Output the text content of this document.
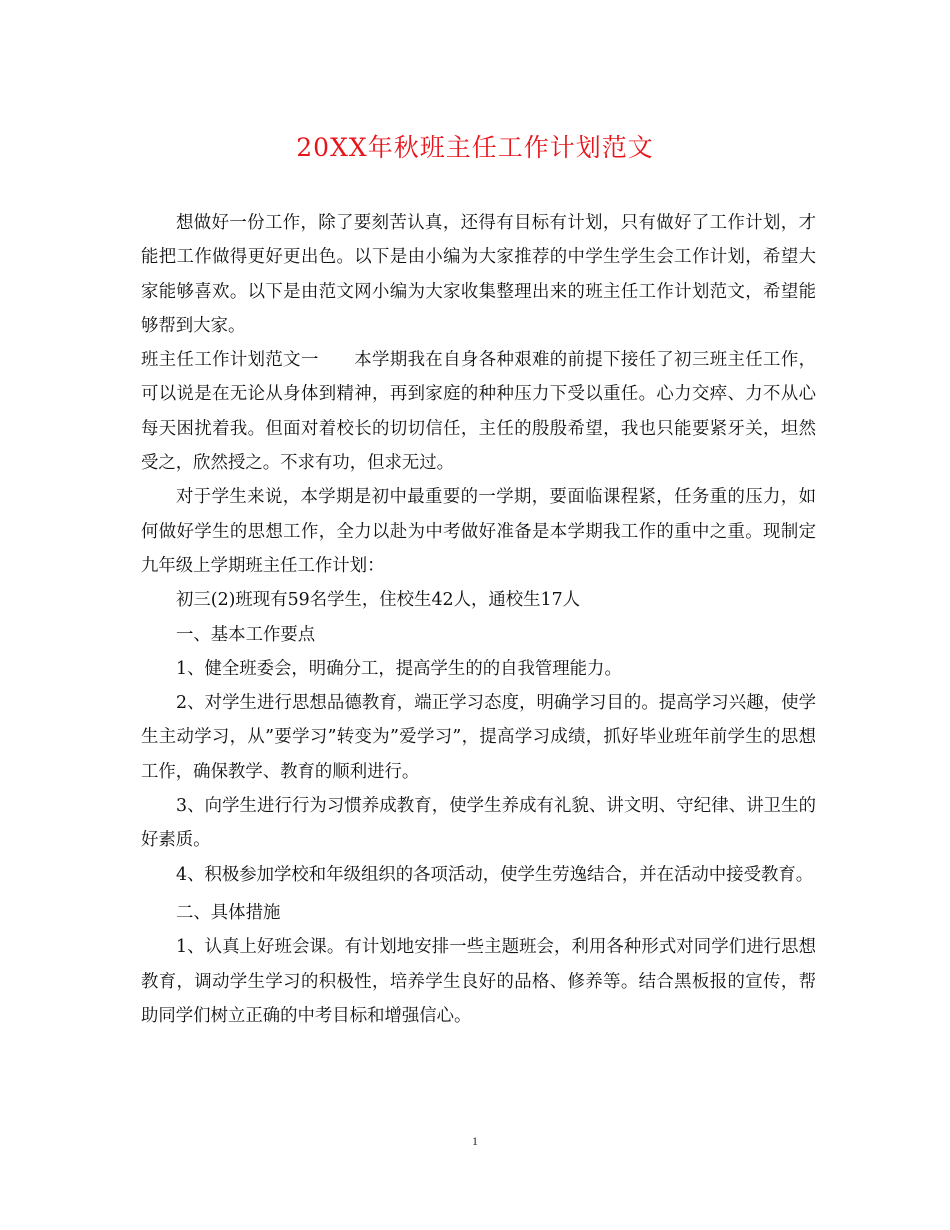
20XX年秋班主任工作计划范文

想做好一份工作，除了要刻苦认真，还得有目标有计划，只有做好了工作计划，才能把工作做得更好更出色。以下是由小编为大家推荐的中学生学生会工作计划，希望大家能够喜欢。以下是由范文网小编为大家收集整理出来的班主任工作计划范文，希望能够帮到大家。

班主任工作计划范文一　　本学期我在自身各种艰难的前提下接任了初三班主任工作，可以说是在无论从身体到精神，再到家庭的种种压力下受以重任。心力交瘁、力不从心每天困扰着我。但面对着校长的切切信任，主任的殷殷希望，我也只能要紧牙关，坦然受之，欣然授之。不求有功，但求无过。

对于学生来说，本学期是初中最重要的一学期，要面临课程紧，任务重的压力，如何做好学生的思想工作，全力以赴为中考做好准备是本学期我工作的重中之重。现制定九年级上学期班主任工作计划：

初三(2)班现有59名学生，住校生42人，通校生17人

一、基本工作要点

1、健全班委会，明确分工，提高学生的的自我管理能力。

2、对学生进行思想品德教育，端正学习态度，明确学习目的。提高学习兴趣，使学生主动学习，从”要学习”转变为”爱学习”，提高学习成绩，抓好毕业班年前学生的思想工作，确保教学、教育的顺利进行。

3、向学生进行行为习惯养成教育，使学生养成有礼貌、讲文明、守纪律、讲卫生的好素质。

4、积极参加学校和年级组织的各项活动，使学生劳逸结合，并在活动中接受教育。

二、具体措施

1、认真上好班会课。有计划地安排一些主题班会，利用各种形式对同学们进行思想教育，调动学生学习的积极性，培养学生良好的品格、修养等。结合黑板报的宣传，帮助同学们树立正确的中考目标和增强信心。

1
